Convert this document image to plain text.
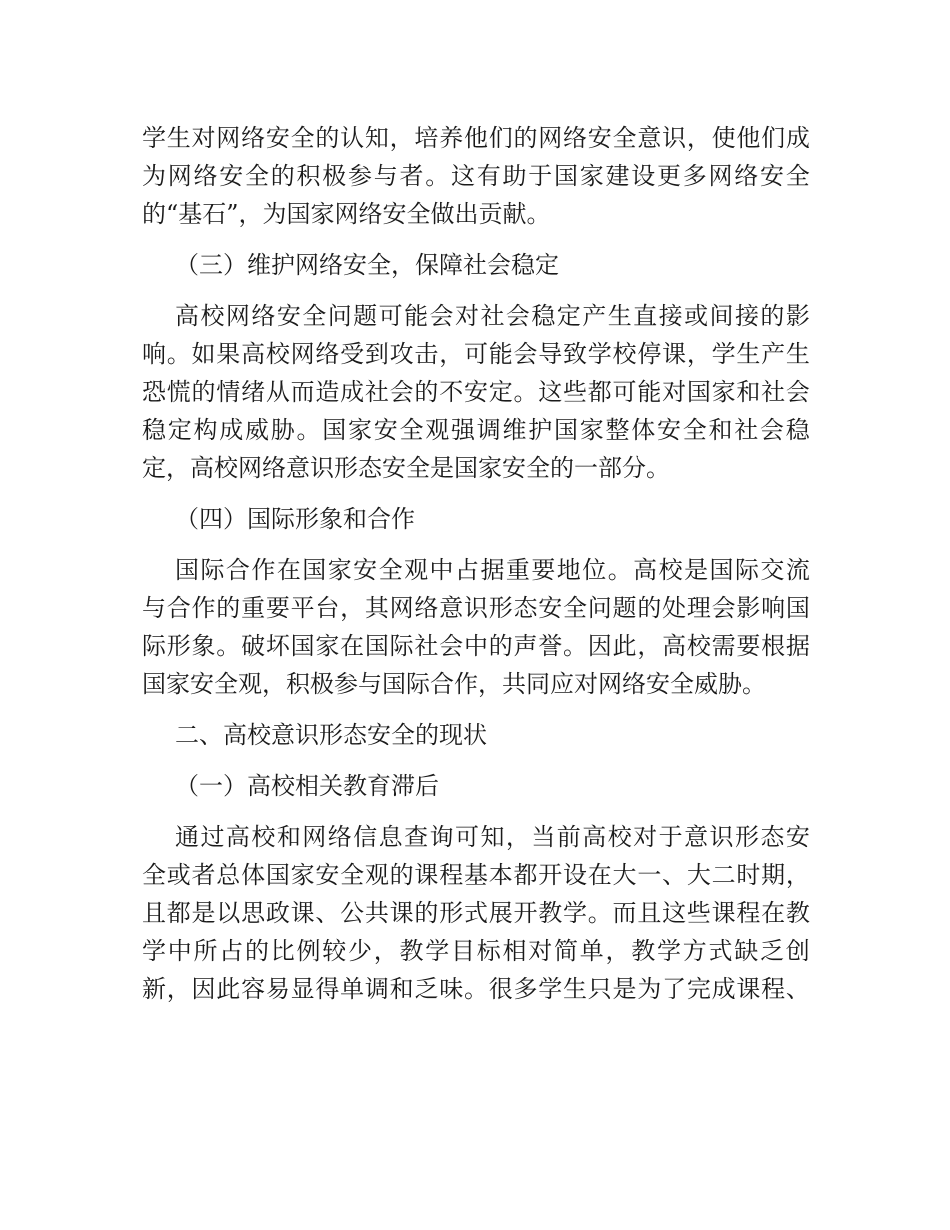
学 生 对 网 络 安 全 的 认 知 ， 培 养 他 们 的 网 络 安 全 意 识 ， 使 他 们 成
为 网 络 安 全 的 积 极 参 与 者 。 这 有 助 于 国 家 建 设 更 多 网 络 安 全
的“基石”，为国家网络安全做出贡献。
（三）维护网络安全，保障社会稳定
高 校 网 络 安 全 问 题 可 能 会 对 社 会 稳 定 产 生 直 接 或 间 接 的 影
响 。 如 果 高 校 网 络 受 到 攻 击 ， 可 能 会 导 致 学 校 停 课 ， 学 生 产 生
恐 慌 的 情 绪 从 而 造 成 社 会 的 不 安 定 。 这 些 都 可 能 对 国 家 和 社 会
稳 定 构 成 威 胁 。 国 家 安 全 观 强 调 维 护 国 家 整 体 安 全 和 社 会 稳
定，高校网络意识形态安全是国家安全的一部分。
（四）国际形象和合作
国 际 合 作 在 国 家 安 全 观 中 占 据 重 要 地 位 。 高 校 是 国 际 交 流
与 合 作 的 重 要 平 台 ， 其 网 络 意 识 形 态 安 全 问 题 的 处 理 会 影 响 国
际 形 象 。 破 坏 国 家 在 国 际 社 会 中 的 声 誉 。 因 此 ， 高 校 需 要 根 据
国家安全观，积极参与国际合作，共同应对网络安全威胁。
二、高校意识形态安全的现状
（一）高校相关教育滞后
通 过 高 校 和 网 络 信 息 查 询 可 知 ， 当 前 高 校 对 于 意 识 形 态 安
全 或 者 总 体 国 家 安 全 观 的 课 程 基 本 都 开 设 在 大 一 、 大 二 时 期 ，
且 都 是 以 思 政 课 、 公 共 课 的 形 式 展 开 教 学 。 而 且 这 些 课 程 在 教
学 中 所 占 的 比 例 较 少 ， 教 学 目 标 相 对 简 单 ， 教 学 方 式 缺 乏 创
新 ， 因 此 容 易 显 得 单 调 和 乏 味 。 很 多 学 生 只 是 为 了 完 成 课 程 、
